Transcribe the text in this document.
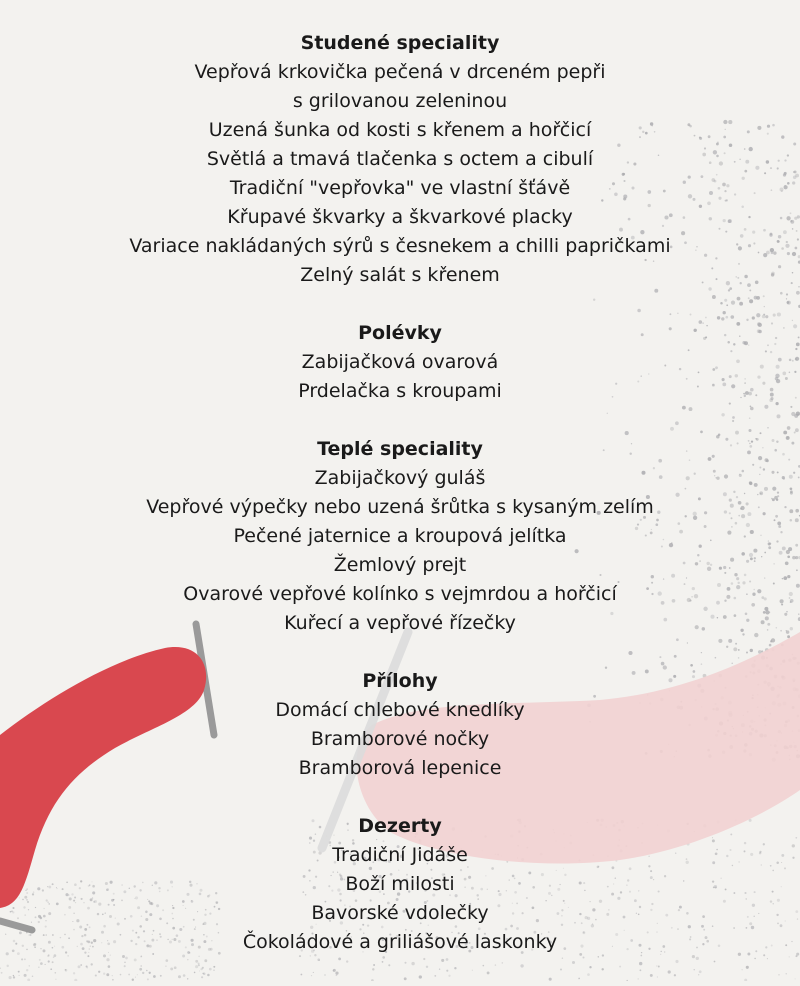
Studené speciality

Vepřová krkovička pečená v drceném pepři

s grilovanou zeleninou

Uzená šunka od kosti s křenem a hořčicí

Světlá a tmavá tlačenka s octem a cibulí

Tradiční "vepřovka" ve vlastní šťávě

Křupavé škvarky a škvarkové placky

Variace nakládaných sýrů s česnekem a chilli papričkami

Zelný salát s křenem

Polévky

Zabijačková ovarová

Prdelačka s kroupami

Teplé speciality

Zabijačkový guláš

Vepřové výpečky nebo uzená šrůtka s kysaným zelím

Pečené jaternice a kroupová jelítka

Žemlový prejt

Ovarové vepřové kolínko s vejmrdou a hořčicí

Kuřecí a vepřové řízečky

Přílohy

Domácí chlebové knedlíky

Bramborové nočky

Bramborová lepenice

Dezerty

Tradiční Jidáše

Boží milosti

Bavorské vdolečky

Čokoládové a griliášové laskonky
